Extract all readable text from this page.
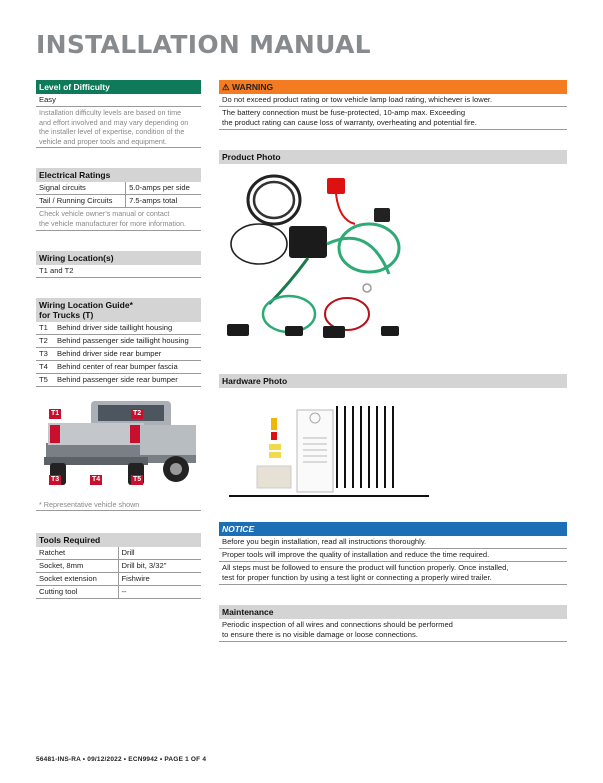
INSTALLATION MANUAL
Level of Difficulty
Easy
Installation difficulty levels are based on time
and effort involved and may vary depending on
the installer level of expertise, condition of the
vehicle and proper tools and equipment.
Electrical Ratings
Signal circuits	5.0-amps per side
Tail / Running Circuits	7.5-amps total
Check vehicle owner's manual or contact
the vehicle manufacturer for more information.
Wiring Location(s)
T1 and T2
Wiring Location Guide*
for Trucks (T)
T1	Behind driver side taillight housing
T2	Behind passenger side taillight housing
T3	Behind driver side rear bumper
T4	Behind center of rear bumper fascia
T5	Behind passenger side rear bumper
T1	T2
T3	T4	T5
* Representative vehicle shown
Tools Required
Ratchet	Drill
Socket, 8mm	Drill bit, 3/32"
Socket extension	Fishwire
Cutting tool	--
⚠ WARNING
Do not exceed product rating or tow vehicle lamp load rating, whichever is lower.
The battery connection must be fuse-protected, 10-amp max. Exceeding
the product rating can cause loss of warranty, overheating and potential fire.
Product Photo
Hardware Photo
NOTICE
Before you begin installation, read all instructions thoroughly.
Proper tools will improve the quality of installation and reduce the time required.
All steps must be followed to ensure the product will function properly. Once installed,
test for proper function by using a test light or connecting a properly wired trailer.
Maintenance
Periodic inspection of all wires and connections should be performed
to ensure there is no visible damage or loose connections.
56481-INS-RA • 09/12/2022 • ECN9942 • PAGE 1 OF 4
